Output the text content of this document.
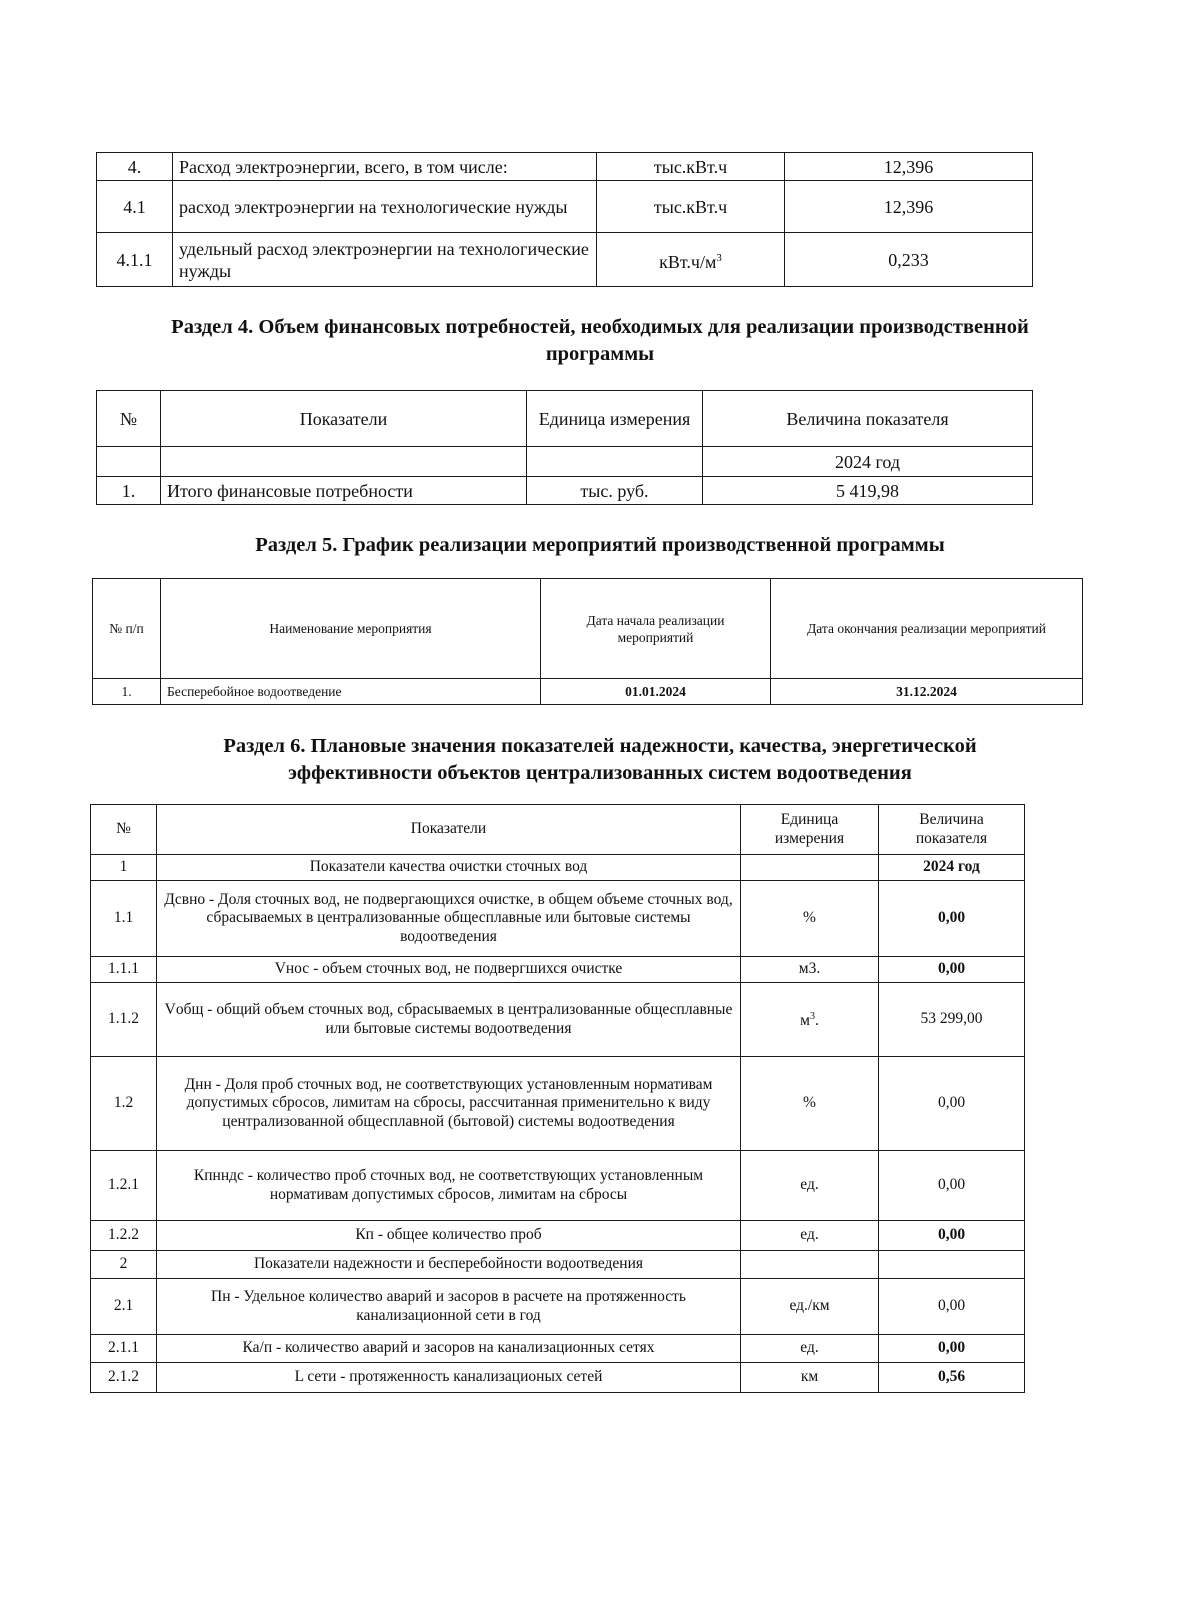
4.	Расход электроэнергии, всего, в том числе:	тыс.кВт.ч	12,396
4.1	расход электроэнергии на технологические нужды	тыс.кВт.ч	12,396
4.1.1	удельный расход электроэнергии на технологические нужды	$кВт.ч/м^3$	0,233
Раздел 4. Объем финансовых потребностей, необходимых для реализации производственной
программы
№	Показатели	Единица измерения	Величина показателя
			2024 год
1.	Итого финансовые потребности	тыс. руб.	5 419,98
Раздел 5. График реализации мероприятий производственной программы
№ п/п	Наименование мероприятия	Дата начала реализации мероприятий	Дата окончания реализации мероприятий
1.	Бесперебойное водоотведение	01.01.2024	31.12.2024
Раздел 6. Плановые значения показателей надежности, качества, энергетической
эффективности объектов централизованных систем водоотведения
№	Показатели	Единица измерения	Величина показателя
1	Показатели качества очистки сточных вод		2024 год
1.1	Дсвно - Доля сточных вод, не подвергающихся очистке, в общем объеме сточных вод, сбрасываемых в централизованные общесплавные или бытовые системы водоотведения	%	0,00
1.1.1	Vнос - объем сточных вод, не подвергшихся очистке	м3.	0,00
1.1.2	Vобщ - общий объем сточных вод, сбрасываемых в централизованные общесплавные или бытовые системы водоотведения	$м^3$.	53 299,00
1.2	Днн - Доля проб сточных вод, не соответствующих установленным нормативам допустимых сбросов, лимитам на сбросы, рассчитанная применительно к виду централизованной общесплавной (бытовой) системы водоотведения	%	0,00
1.2.1	Кпнндс - количество проб сточных вод, не соответствующих установленным нормативам допустимых сбросов, лимитам на сбросы	ед.	0,00
1.2.2	Кп - общее количество проб	ед.	0,00
2	Показатели надежности и бесперебойности водоотведения		
2.1	Пн - Удельное количество аварий и засоров в расчете на протяженность канализационной сети в год	ед./км	0,00
2.1.1	Ка/п - количество аварий и засоров на канализационных сетях	ед.	0,00
2.1.2	L сети - протяженность канализационых сетей	км	0,56
